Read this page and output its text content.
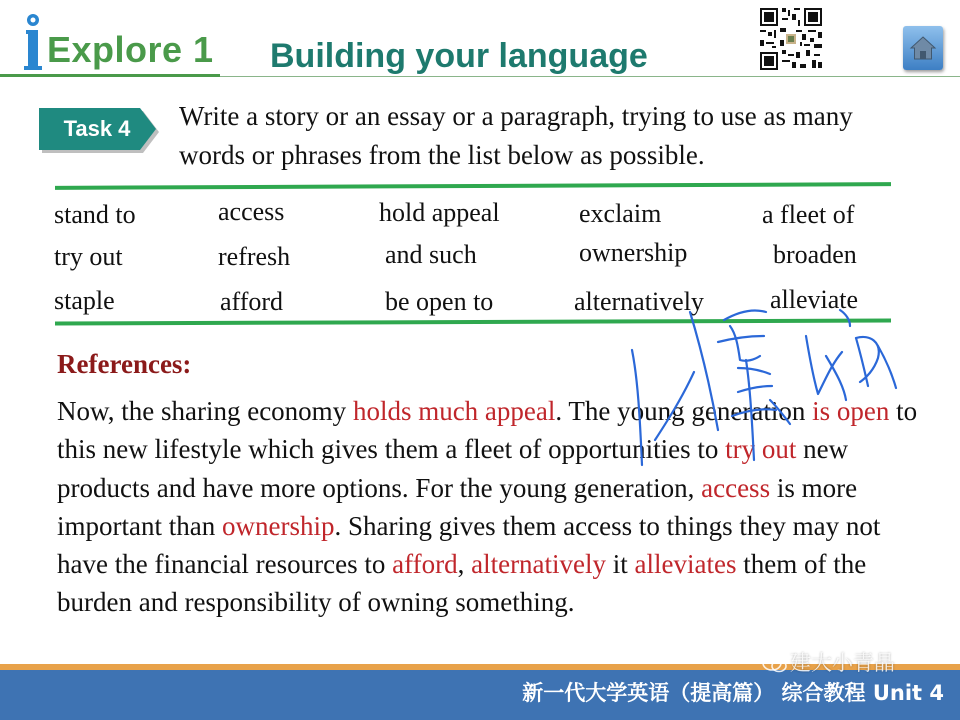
Explore 1 Building your language
Task 4	Write a story or an essay or a paragraph, trying to use as many words or phrases from the list below as possible.
stand to	access	hold appeal	exclaim	a fleet of
try out	refresh	and such	ownership	broaden
staple	afford	be open to	alternatively	alleviate
References:
Now, the sharing economy holds much appeal. The young generation is open to this new lifestyle which gives them a fleet of opportunities to try out new products and have more options. For the young generation, access is more important than ownership. Sharing gives them access to things they may not have the financial resources to afford, alternatively it alleviates them of the burden and responsibility of owning something.
新一代大学英语（提高篇） 综合教程 Unit 4
建大小青晶
